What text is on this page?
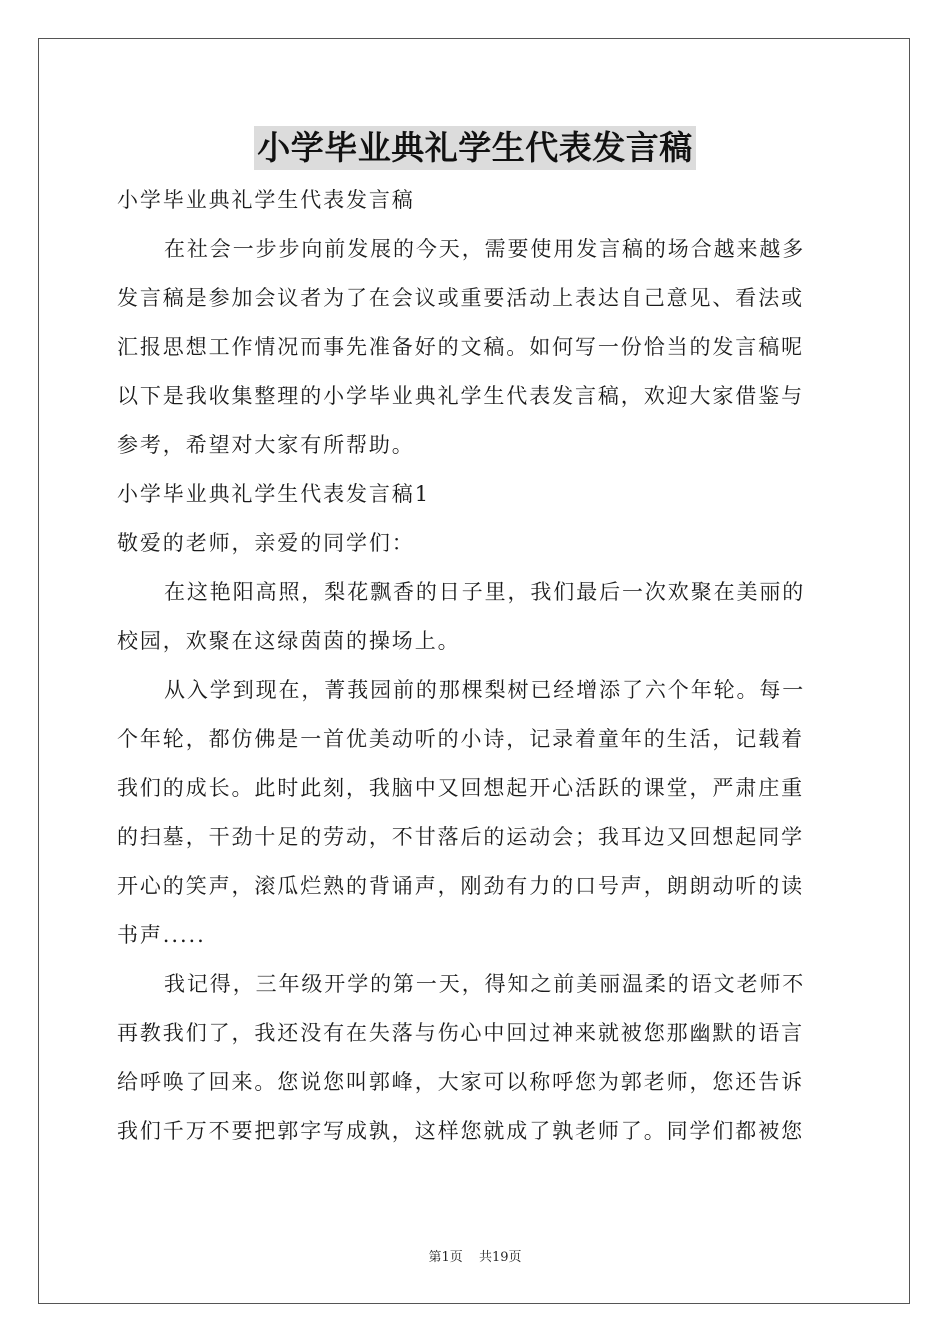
小学毕业典礼学生代表发言稿
小学毕业典礼学生代表发言稿
在社会一步步向前发展的今天，需要使用发言稿的场合越来越多
发言稿是参加会议者为了在会议或重要活动上表达自己意见、看法或
汇报思想工作情况而事先准备好的文稿。如何写一份恰当的发言稿呢
以下是我收集整理的小学毕业典礼学生代表发言稿，欢迎大家借鉴与
参考，希望对大家有所帮助。
小学毕业典礼学生代表发言稿1
敬爱的老师，亲爱的同学们：
在这艳阳高照，梨花飘香的日子里，我们最后一次欢聚在美丽的
校园，欢聚在这绿茵茵的操场上。
从入学到现在，菁莪园前的那棵梨树已经增添了六个年轮。每一
个年轮，都仿佛是一首优美动听的小诗，记录着童年的生活，记载着
我们的成长。此时此刻，我脑中又回想起开心活跃的课堂，严肃庄重
的扫墓，干劲十足的劳动，不甘落后的运动会；我耳边又回想起同学
开心的笑声，滚瓜烂熟的背诵声，刚劲有力的口号声，朗朗动听的读
书声.....
我记得，三年级开学的第一天，得知之前美丽温柔的语文老师不
再教我们了，我还没有在失落与伤心中回过神来就被您那幽默的语言
给呼唤了回来。您说您叫郭峰，大家可以称呼您为郭老师，您还告诉
我们千万不要把郭字写成孰，这样您就成了孰老师了。同学们都被您
第1页 共19页
